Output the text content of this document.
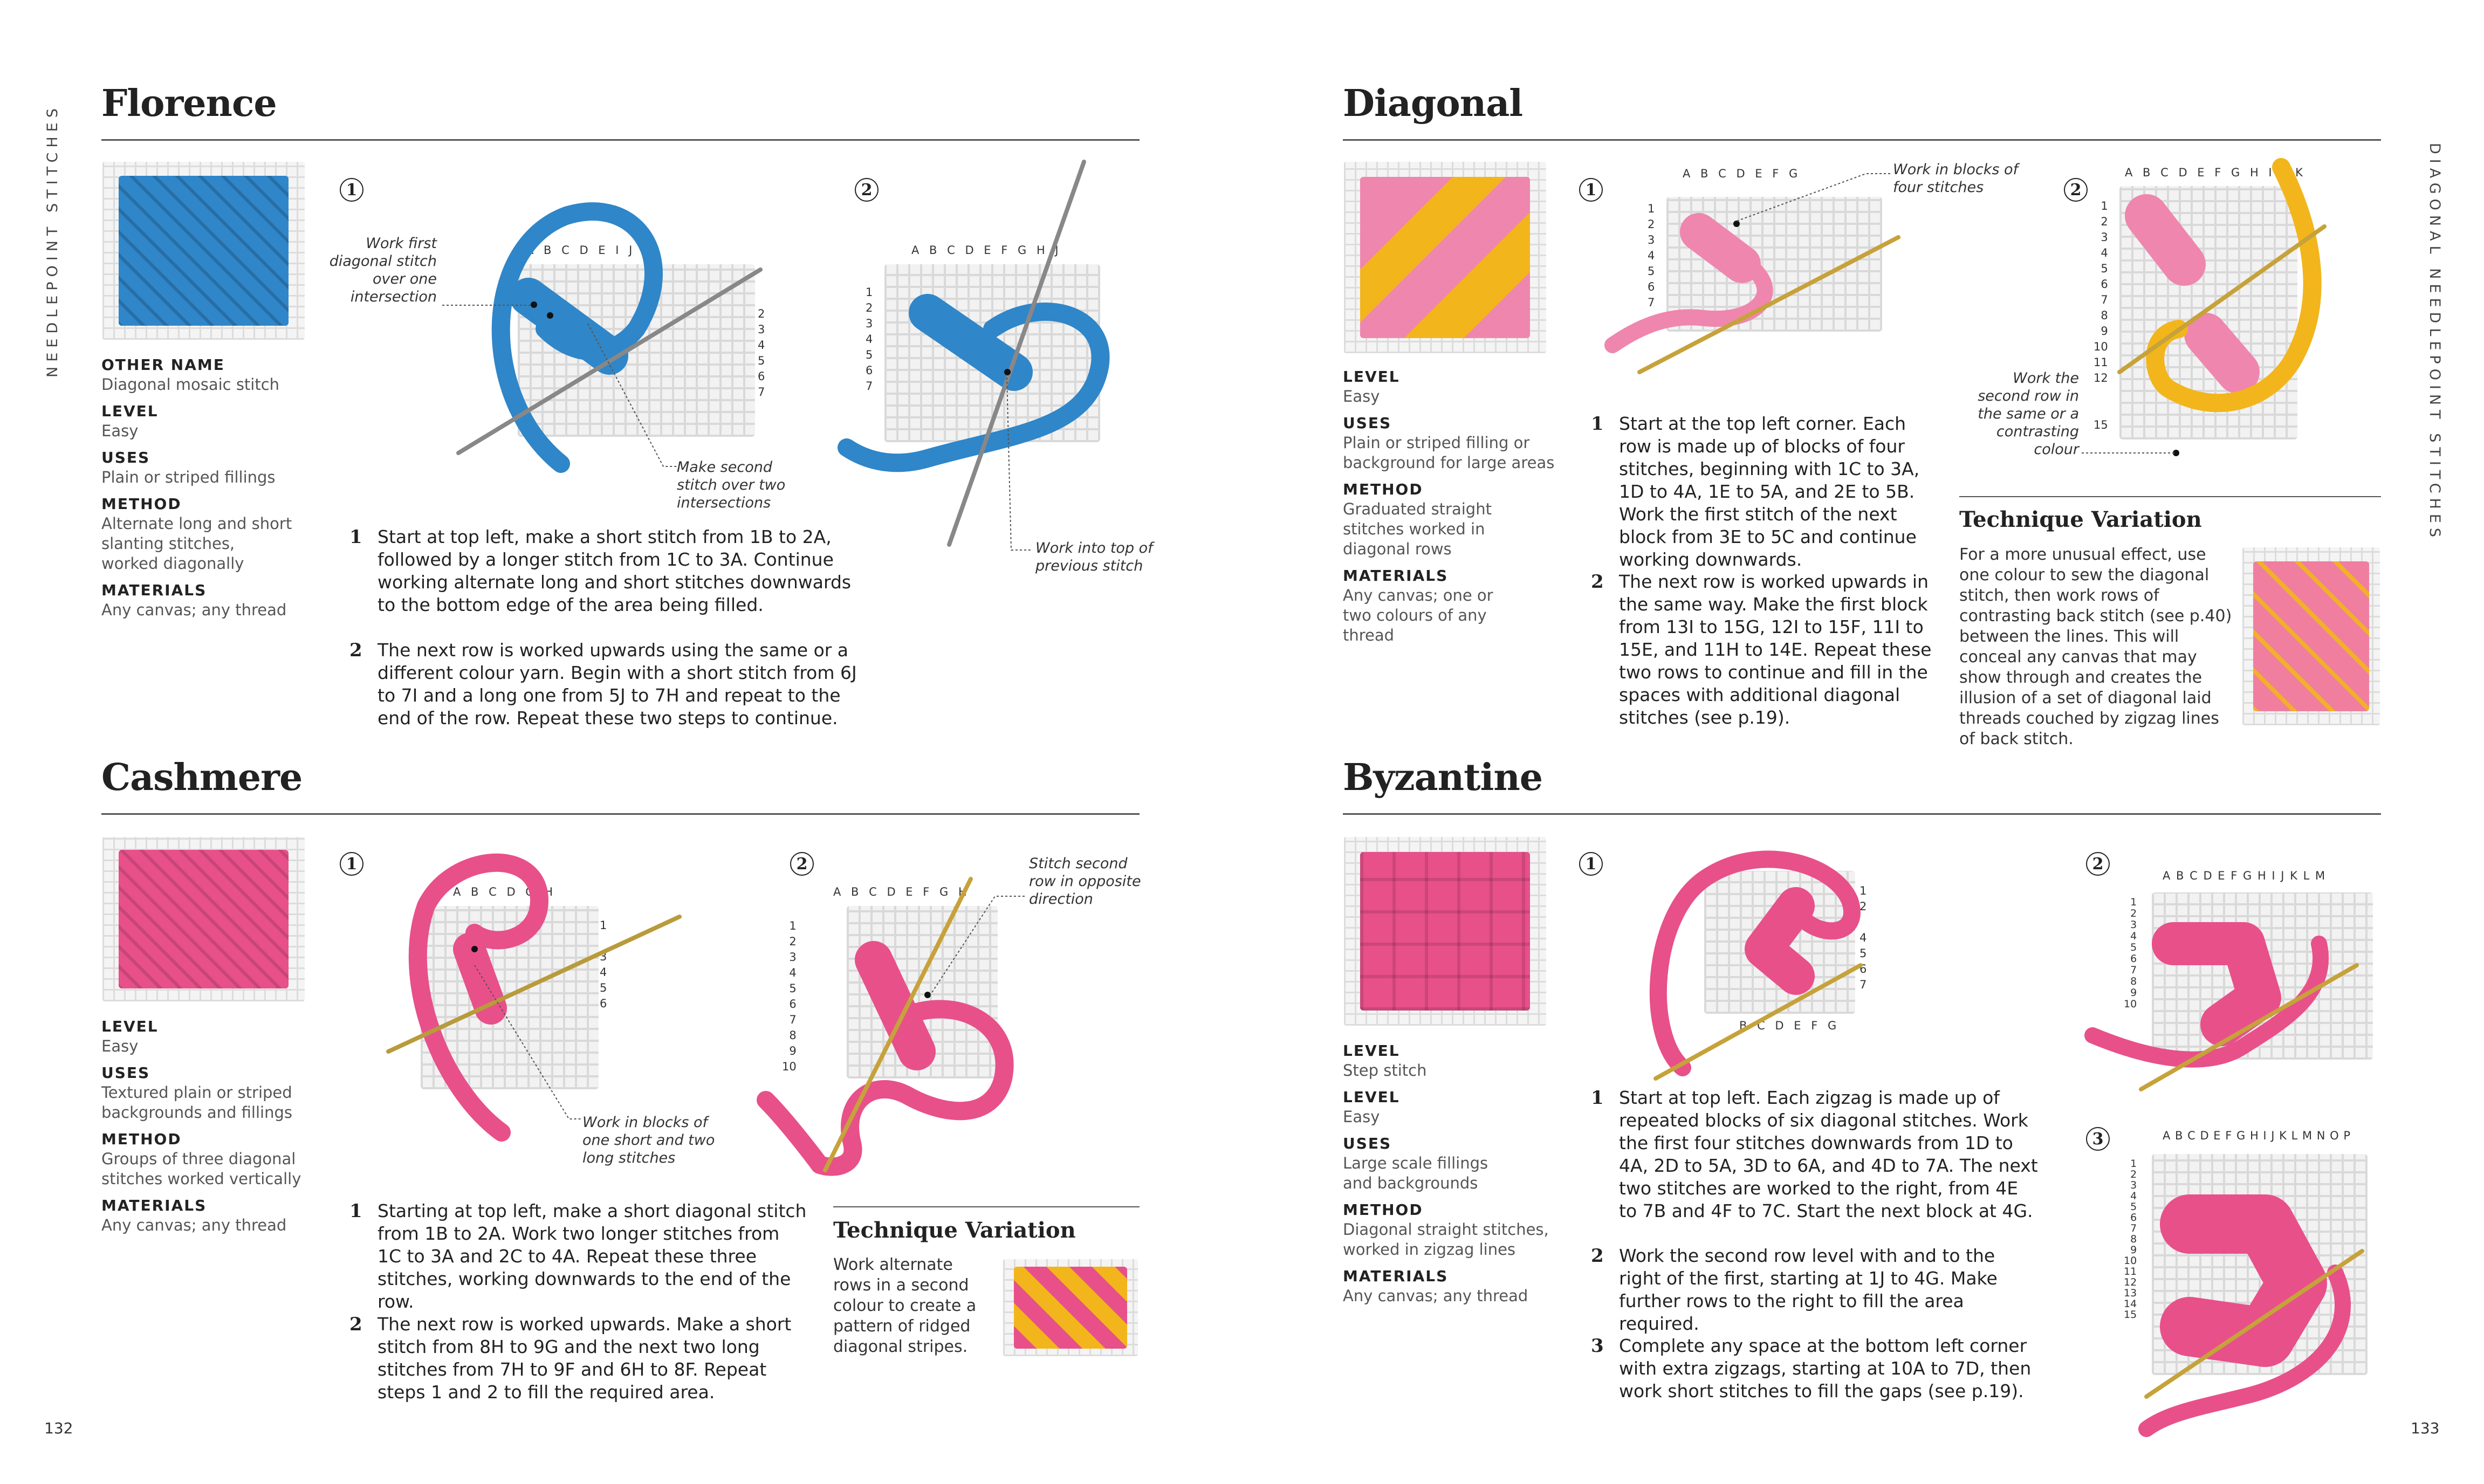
NEEDLEPOINT STITCHES	DIAGONAL NEEDLEPOINT STITCHES
132	133
Florence
OTHER NAME
Diagonal mosaic stitch
LEVEL
Easy
USES
Plain or striped fillings
METHOD
Alternate long and short slanting stitches, worked diagonally
MATERIALS
Any canvas; any thread
1
A B C D E I J
2
3
4
5
6
7
Work first diagonal stitch over one intersection
Make second stitch over two intersections
2
A B C D E F G H J
1
2
3
4
5
6
7
Work into top of previous stitch
1 Start at top left, make a short stitch from 1B to 2A, followed by a longer stitch from 1C to 3A. Continue working alternate long and short stitches downwards to the bottom edge of the area being filled.
2 The next row is worked upwards using the same or a different colour yarn. Begin with a short stitch from 6J to 7I and a long one from 5J to 7H and repeat to the end of the row. Repeat these two steps to continue.
Cashmere
LEVEL
Easy
USES
Textured plain or striped backgrounds and fillings
METHOD
Groups of three diagonal stitches worked vertically
MATERIALS
Any canvas; any thread
1
A B C D G H
1

3
4
5
6
Work in blocks of one short and two long stitches
2
A B C D E F G H
1
2
3
4
5
6
7
8
9
10
Stitch second row in opposite direction
1 Starting at top left, make a short diagonal stitch from 1B to 2A. Work two longer stitches from 1C to 3A and 2C to 4A. Repeat these three stitches, working downwards to the end of the row.
2 The next row is worked upwards. Make a short stitch from 8H to 9G and the next two long stitches from 7H to 9F and 6H to 8F. Repeat steps 1 and 2 to fill the required area.
Technique Variation
Work alternate rows in a second colour to create a pattern of ridged diagonal stripes.
Diagonal
LEVEL
Easy
USES
Plain or striped filling or background for large areas
METHOD
Graduated straight stitches worked in diagonal rows
MATERIALS
Any canvas; one or two colours of any thread
1
A B C D E F G
1
2
3
4
5
6
7
Work in blocks of four stitches	2
A B C D E F G H I J K
1
2
3
4
5
6
7
8
9
10
11
12

15
Work the second row in the same or a contrasting colour
1 Start at the top left corner. Each row is made up of blocks of four stitches, beginning with 1C to 3A, 1D to 4A, 1E to 5A, and 2E to 5B. Work the first stitch of the next block from 3E to 5C and continue working downwards.
2 The next row is worked upwards in the same way. Make the first block from 13I to 15G, 12I to 15F, 11I to 15E, and 11H to 14E. Repeat these two rows to continue and fill in the spaces with additional diagonal stitches (see p.19).
Technique Variation
For a more unusual effect, use one colour to sew the diagonal stitch, then work rows of contrasting back stitch (see p.40) between the lines. This will conceal any canvas that may show through and creates the illusion of a set of diagonal laid threads couched by zigzag lines of back stitch.
Byzantine
LEVEL
Step stitch
LEVEL
Easy
USES
Large scale fillings and backgrounds
METHOD
Diagonal straight stitches, worked in zigzag lines
MATERIALS
Any canvas; any thread
1
B C D E F G
1
2

4
5
6
7
2
A B C D E F G H I J K L M
1
2
3
4
5
6
7
8
9
10
3	A B C D E F G H I J K L M N O P
1
2
3
4
5
6
7
8
9
10
11
12
13
14
15
1 Start at top left. Each zigzag is made up of repeated blocks of six diagonal stitches. Work the first four stitches downwards from 1D to 4A, 2D to 5A, 3D to 6A, and 4D to 7A. The next two stitches are worked to the right, from 4E to 7B and 4F to 7C. Start the next block at 4G.
2 Work the second row level with and to the right of the first, starting at 1J to 4G. Make further rows to the right to fill the area required.
3 Complete any space at the bottom left corner with extra zigzags, starting at 10A to 7D, then work short stitches to fill the gaps (see p.19).
